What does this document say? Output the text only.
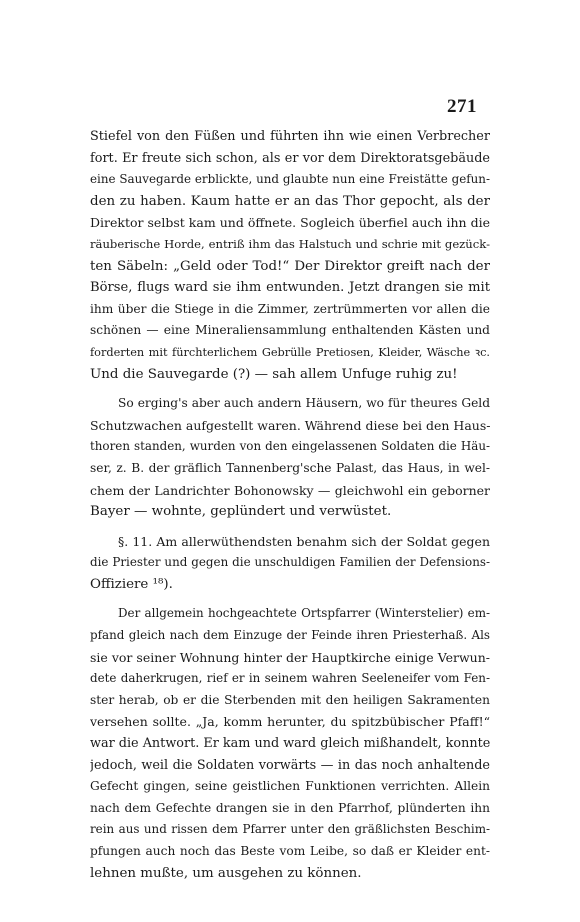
271
Stiefel von den Füßen und führten ihn wie einen Verbrecher
fort. Er freute sich schon, als er vor dem Direktoratsgebäude
eine Sauvegarde erblickte, und glaubte nun eine Freistätte gefun-
den zu haben. Kaum hatte er an das Thor gepocht, als der
Direktor selbst kam und öffnete. Sogleich überfiel auch ihn die
räuberische Horde, entriß ihm das Halstuch und schrie mit gezück-
ten Säbeln: „Geld oder Tod!“ Der Direktor greift nach der
Börse, flugs ward sie ihm entwunden. Jetzt drangen sie mit
ihm über die Stiege in die Zimmer, zertrümmerten vor allen die
schönen — eine Mineraliensammlung enthaltenden Kästen und
forderten mit fürchterlichem Gebrülle Pretiosen, Kleider, Wäsche ꝛc.
Und die Sauvegarde (?) — sah allem Unfuge ruhig zu!
So erging's aber auch andern Häusern, wo für theures Geld
Schutzwachen aufgestellt waren. Während diese bei den Haus-
thoren standen, wurden von den eingelassenen Soldaten die Häu-
ser, z. B. der gräflich Tannenberg'sche Palast, das Haus, in wel-
chem der Landrichter Bohonowsky — gleichwohl ein geborner
Bayer — wohnte, geplündert und verwüstet.
§. 11. Am allerwüthendsten benahm sich der Soldat gegen
die Priester und gegen die unschuldigen Familien der Defensions-
Offiziere ¹⁸).
Der allgemein hochgeachtete Ortspfarrer (Winterstelier) em-
pfand gleich nach dem Einzuge der Feinde ihren Priesterhaß. Als
sie vor seiner Wohnung hinter der Hauptkirche einige Verwun-
dete daherkrugen, rief er in seinem wahren Seeleneifer vom Fen-
ster herab, ob er die Sterbenden mit den heiligen Sakramenten
versehen sollte. „Ja, komm herunter, du spitzbübischer Pfaff!“
war die Antwort. Er kam und ward gleich mißhandelt, konnte
jedoch, weil die Soldaten vorwärts — in das noch anhaltende
Gefecht gingen, seine geistlichen Funktionen verrichten. Allein
nach dem Gefechte drangen sie in den Pfarrhof, plünderten ihn
rein aus und rissen dem Pfarrer unter den gräßlichsten Beschim-
pfungen auch noch das Beste vom Leibe, so daß er Kleider ent-
lehnen mußte, um ausgehen zu können.
